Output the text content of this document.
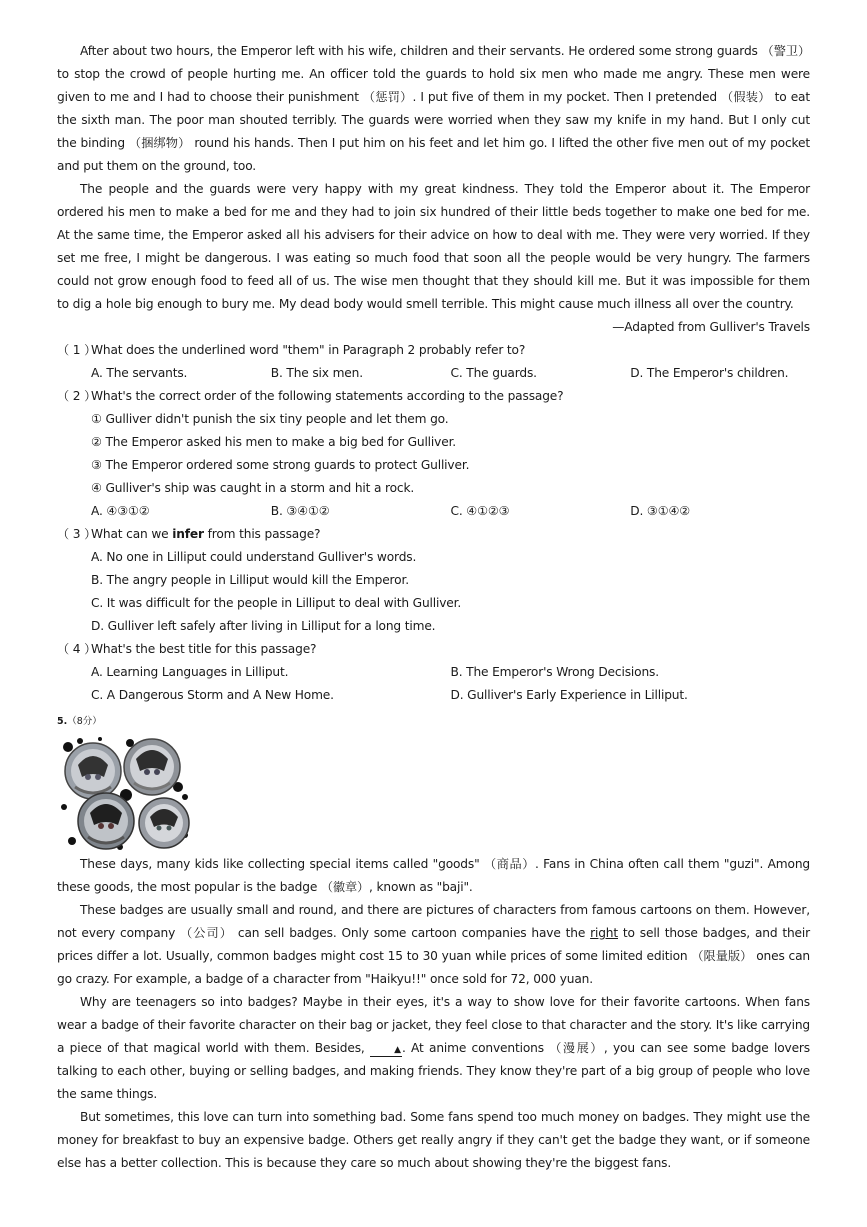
After about two hours, the Emperor left with his wife, children and their servants. He ordered some strong guards （警卫） to stop the crowd of people hurting me. An officer told the guards to hold six men who made me angry. These men were given to me and I had to choose their punishment （惩罚）. I put five of them in my pocket. Then I pretended （假装） to eat the sixth man. The poor man shouted terribly. The guards were worried when they saw my knife in my hand. But I only cut the binding （捆绑物） round his hands. Then I put him on his feet and let him go. I lifted the other five men out of my pocket and put them on the ground, too.

The people and the guards were very happy with my great kindness. They told the Emperor about it. The Emperor ordered his men to make a bed for me and they had to join six hundred of their little beds together to make one bed for me. At the same time, the Emperor asked all his advisers for their advice on how to deal with me. They were very worried. If they set me free, I might be dangerous. I was eating so much food that soon all the people would be very hungry. The farmers could not grow enough food to feed all of us. The wise men thought that they should kill me. But it was impossible for them to dig a hole big enough to bury me. My dead body would smell terrible. This might cause much illness all over the country.

—Adapted from Gulliver's Travels

（ 1 ）What does the underlined word "them" in Paragraph 2 probably refer to?

A. The servants.	B. The six men.	C. The guards.	D. The Emperor's children.

（ 2 ）What's the correct order of the following statements according to the passage?

① Gulliver didn't punish the six tiny people and let them go.

② The Emperor asked his men to make a big bed for Gulliver.

③ The Emperor ordered some strong guards to protect Gulliver.

④ Gulliver's ship was caught in a storm and hit a rock.

A. ④③①②	B. ③④①②	C. ④①②③	D. ③①④②

（ 3 ）What can we infer from this passage?

A. No one in Lilliput could understand Gulliver's words.

B. The angry people in Lilliput would kill the Emperor.

C. It was difficult for the people in Lilliput to deal with Gulliver.

D. Gulliver left safely after living in Lilliput for a long time.

（ 4 ）What's the best title for this passage?

A. Learning Languages in Lilliput.	B. The Emperor's Wrong Decisions.
C. A Dangerous Storm and A New Home.	D. Gulliver's Early Experience in Lilliput.
5.（8分）

These days, many kids like collecting special items called "goods" （商品）. Fans in China often call them "guzi". Among these goods, the most popular is the badge （徽章）, known as "baji".

These badges are usually small and round, and there are pictures of characters from famous cartoons on them. However, not every company （公司） can sell badges. Only some cartoon companies have the right to sell those badges, and their prices differ a lot. Usually, common badges might cost 15 to 30 yuan while prices of some limited edition （限量版） ones can go crazy. For example, a badge of a character from "Haikyu!!" once sold for 72, 000 yuan.

Why are teenagers so into badges? Maybe in their eyes, it's a way to show love for their favorite cartoons. When fans wear a badge of their favorite character on their bag or jacket, they feel close to that character and the story. It's like carrying a piece of that magical world with them. Besides,	▲. At anime conventions （漫展）, you can see some badge lovers talking to each other, buying or selling badges, and making friends. They know they're part of a big group of people who love the same things.

But sometimes, this love can turn into something bad. Some fans spend too much money on badges. They might use the money for breakfast to buy an expensive badge. Others get really angry if they can't get the badge they want, or if someone else has a better collection. This is because they care so much about showing they're the biggest fans.
